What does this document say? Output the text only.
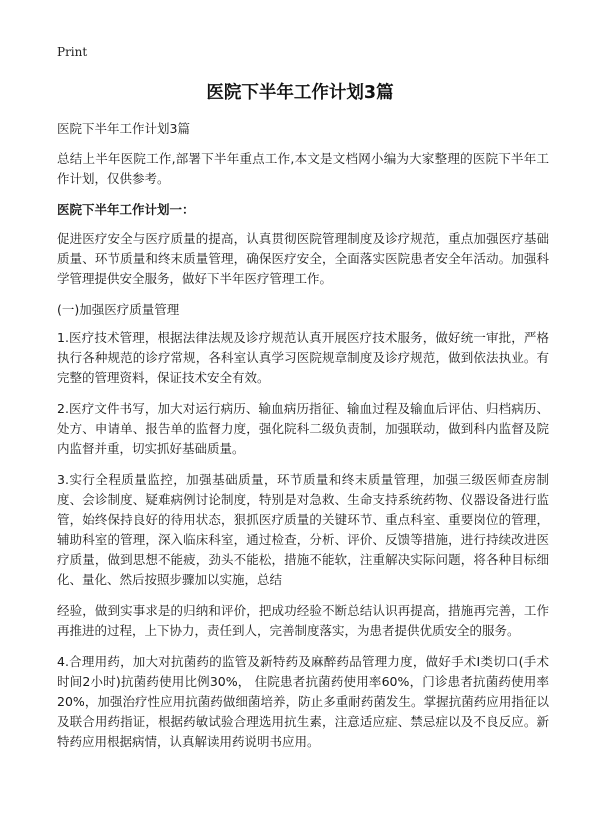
Print
医院下半年工作计划3篇

医院下半年工作计划3篇

总结上半年医院工作,部署下半年重点工作,本文是文档网小编为大家整理的医院下半年工作计划，仅供参考。

医院下半年工作计划一：

促进医疗安全与医疗质量的提高，认真贯彻医院管理制度及诊疗规范，重点加强医疗基础质量、环节质量和终末质量管理，确保医疗安全，全面落实医院患者安全年活动。加强科学管理提供安全服务，做好下半年医疗管理工作。

(一)加强医疗质量管理

1.医疗技术管理，根据法律法规及诊疗规范认真开展医疗技术服务，做好统一审批，严格执行各种规范的诊疗常规，各科室认真学习医院规章制度及诊疗规范，做到依法执业。有完整的管理资料，保证技术安全有效。

2.医疗文件书写，加大对运行病历、输血病历指征、输血过程及输血后评估、归档病历、处方、申请单、报告单的监督力度，强化院科二级负责制，加强联动，做到科内监督及院内监督并重，切实抓好基础质量。

3.实行全程质量监控，加强基础质量，环节质量和终末质量管理，加强三级医师查房制度、会诊制度、疑难病例讨论制度，特别是对急救、生命支持系统药物、仪器设备进行监管，始终保持良好的待用状态，狠抓医疗质量的关键环节、重点科室、重要岗位的管理，辅助科室的管理，深入临床科室，通过检查，分析、评价、反馈等措施，进行持续改进医疗质量，做到思想不能疲，劲头不能松，措施不能软，注重解决实际问题，将各种目标细化、量化、然后按照步骤加以实施，总结

经验，做到实事求是的归纳和评价，把成功经验不断总结认识再提高，措施再完善，工作再推进的过程，上下协力，责任到人，完善制度落实，为患者提供优质安全的服务。

4.合理用药，加大对抗菌药的监管及新特药及麻醉药品管理力度，做好手术I类切口(手术时间2小时)抗菌药使用比例30%， 住院患者抗菌药使用率60%，门诊患者抗菌药使用率20%，加强治疗性应用抗菌药做细菌培养，防止多重耐药菌发生。掌握抗菌药应用指征以及联合用药指证，根据药敏试验合理选用抗生素，注意适应症、禁忌症以及不良反应。新特药应用根据病情，认真解读用药说明书应用。
